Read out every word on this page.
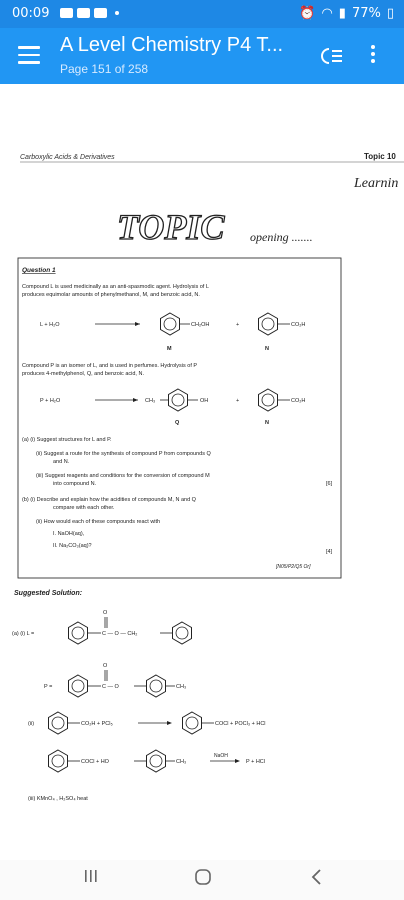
00:09	⏰ ◠ ▮ 77% ▯
A Level Chemistry P4 T...
Page 151 of 258
Carboxylic Acids & Derivatives	Topic 10
Learnin
TOPIC opening .......
Question 1
Compound L is used medicinally as an anti-spasmodic agent. Hydrolysis of L
produces equimolar amounts of phenylmethanol, M, and benzoic acid, N.
L + H₂O	CH₂OH	+	CO₂H
M	N
Compound P is an isomer of L, and is used in perfumes. Hydrolysis of P
produces 4-methylphenol, Q, and benzoic acid, N.
P + H₂O	CH₃	OH	+	CO₂H
Q	N
(a) (i) Suggest structures for L and P.
(ii) Suggest a route for the synthesis of compound P from compounds Q
and N.
(iii) Suggest reagents and conditions for the conversion of compound M
into compound N.	[6]
(b) (i) Describe and explain how the acidities of compounds M, N and Q
compare with each other.
(ii) How would each of these compounds react with
I. NaOH(aq),
II. Na₂CO₃(aq)?
[4]
[N05/P2/Q5 Or]
Suggested Solution:
(a) (i) L =
O
C — O — CH₂
P =
O
C — O	CH₃
(ii)	CO₂H + PCl₅	COCl + POCl₃ + HCl
COCl + HO	CH₃
NaOH
P + HCl
(iii) KMnO₄ , H₂SO₄ heat
